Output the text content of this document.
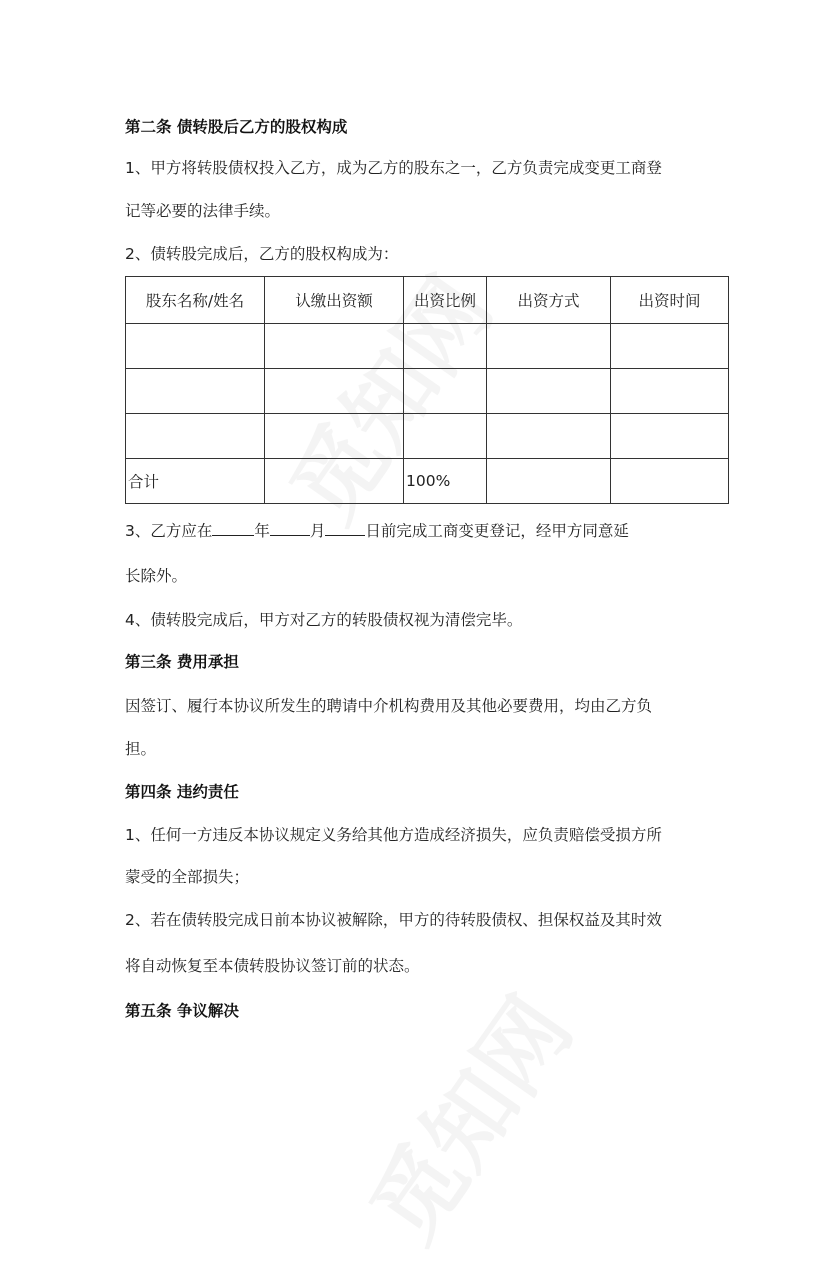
第二条 债转股后乙方的股权构成
1、甲方将转股债权投入乙方，成为乙方的股东之一，乙方负责完成变更工商登
记等必要的法律手续。
2、债转股完成后，乙方的股权构成为：
股东名称/姓名	认缴出资额	出资比例	出资方式	出资时间

合计		100%		
3、乙方应在	年	月	日前完成工商变更登记，经甲方同意延
长除外。
4、债转股完成后，甲方对乙方的转股债权视为清偿完毕。
第三条 费用承担
因签订、履行本协议所发生的聘请中介机构费用及其他必要费用，均由乙方负
担。
第四条 违约责任
1、任何一方违反本协议规定义务给其他方造成经济损失，应负责赔偿受损方所
蒙受的全部损失；
2、若在债转股完成日前本协议被解除，甲方的待转股债权、担保权益及其时效
将自动恢复至本债转股协议签订前的状态。
第五条 争议解决
